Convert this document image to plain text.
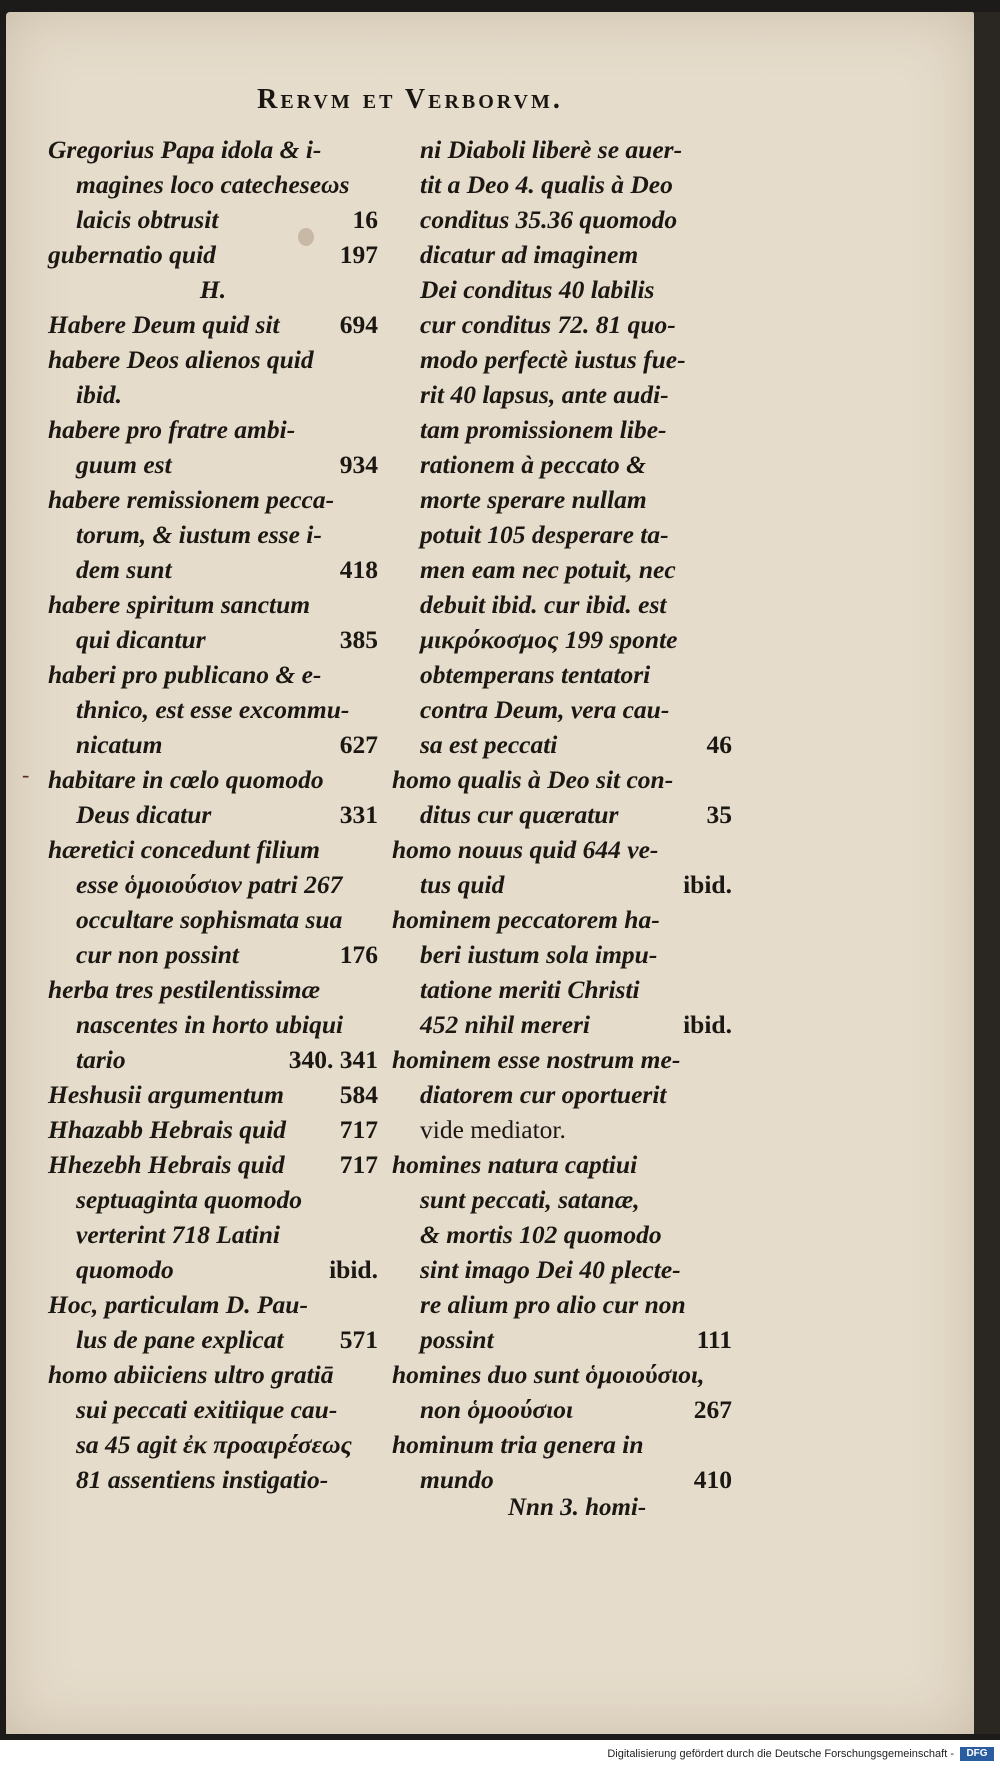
-
Rervm et Verborvm.
Gregorius Papa idola & i-
magines loco catecheseωs
laicis obtrusit	16
gubernatio quid	197
H.
Habere Deum quid sit 694
habere Deos alienos quid
ibid.
habere pro fratre ambi-
guum est	934
habere remissionem pecca-
torum, & iustum esse i-
dem sunt	418
habere spiritum sanctum
qui dicantur	385
haberi pro publicano & e-
thnico, est esse excommu-
nicatum	627
habitare in cœlo quomodo
Deus dicatur	331
hæretici concedunt filium
esse ὁμοιούσιον patri 267
occultare sophismata sua
cur non possint	176
herba tres pestilentissimæ
nascentes in horto ubiqui
tario	340. 341
Heshusii argumentum 584
Hhazabb Hebrais quid 717
Hhezebh Hebrais quid 717
septuaginta quomodo
verterint 718 Latini
quomodo	ibid.
Hoc, particulam D. Pau-
lus de pane explicat 571
homo abiiciens ultro gratiā
sui peccati exitiique cau-
sa 45 agit ἐκ προαιρέσεως
81 assentiens instigatio-
ni Diaboli liberè se auer-
tit a Deo 4. qualis à Deo
conditus 35.36 quomodo
dicatur ad imaginem
Dei conditus 40 labilis
cur conditus 72. 81 quo-
modo perfectè iustus fue-
rit 40 lapsus, ante audi-
tam promissionem libe-
rationem à peccato &
morte sperare nullam
potuit 105 desperare ta-
men eam nec potuit, nec
debuit ibid. cur ibid. est
μικρόκοσμος 199 sponte
obtemperans tentatori
contra Deum, vera cau-
sa est peccati	46
homo qualis à Deo sit con-
ditus cur quæratur	35
homo nouus quid 644 ve-
tus quid	ibid.
hominem peccatorem ha-
beri iustum sola impu-
tatione meriti Christi
452 nihil mereri	ibid.
hominem esse nostrum me-
diatorem cur oportuerit
vide mediator.
homines natura captiui
sunt peccati, satanæ,
& mortis 102 quomodo
sint imago Dei 40 plecte-
re alium pro alio cur non
possint	111
homines duo sunt ὁμοιούσιοι,
non ὁμοούσιοι	267
hominum tria genera in
mundo	410
Nnn 3. homi-
Digitalisierung gefördert durch die Deutsche Forschungsgemeinschaft -	DFG
